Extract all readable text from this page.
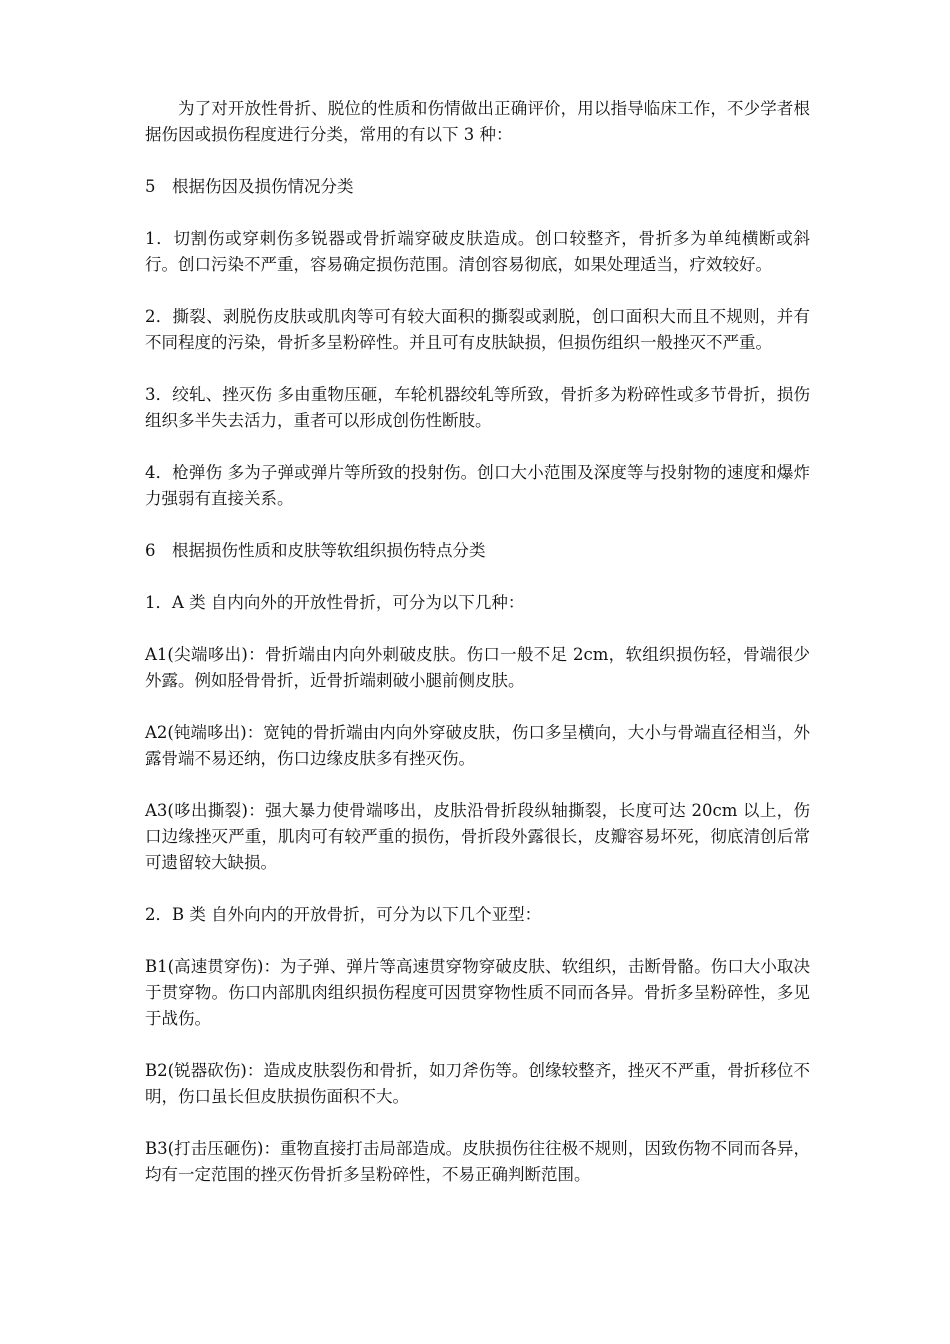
为了对开放性骨折、脱位的性质和伤情做出正确评价，用以指导临床工作，不少学者根据伤因或损伤程度进行分类，常用的有以下 3 种：

5　根据伤因及损伤情况分类

1．切割伤或穿刺伤多锐器或骨折端穿破皮肤造成。创口较整齐，骨折多为单纯横断或斜行。创口污染不严重，容易确定损伤范围。清创容易彻底，如果处理适当，疗效较好。

2．撕裂、剥脱伤皮肤或肌肉等可有较大面积的撕裂或剥脱，创口面积大而且不规则，并有不同程度的污染，骨折多呈粉碎性。并且可有皮肤缺损，但损伤组织一般挫灭不严重。

3．绞轧、挫灭伤 多由重物压砸，车轮机器绞轧等所致，骨折多为粉碎性或多节骨折，损伤组织多半失去活力，重者可以形成创伤性断肢。

4．枪弹伤 多为子弹或弹片等所致的投射伤。创口大小范围及深度等与投射物的速度和爆炸力强弱有直接关系。

6　根据损伤性质和皮肤等软组织损伤特点分类

1．A 类 自内向外的开放性骨折，可分为以下几种：

A1(尖端哆出)：骨折端由内向外刺破皮肤。伤口一般不足 2cm，软组织损伤轻，骨端很少外露。例如胫骨骨折，近骨折端刺破小腿前侧皮肤。

A2(钝端哆出)：宽钝的骨折端由内向外穿破皮肤，伤口多呈横向，大小与骨端直径相当，外露骨端不易还纳，伤口边缘皮肤多有挫灭伤。

A3(哆出撕裂)：强大暴力使骨端哆出，皮肤沿骨折段纵轴撕裂，长度可达 20cm 以上，伤口边缘挫灭严重，肌肉可有较严重的损伤，骨折段外露很长，皮瓣容易坏死，彻底清创后常可遗留较大缺损。

2．B 类 自外向内的开放骨折，可分为以下几个亚型：

B1(高速贯穿伤)：为子弹、弹片等高速贯穿物穿破皮肤、软组织，击断骨骼。伤口大小取决于贯穿物。伤口内部肌肉组织损伤程度可因贯穿物性质不同而各异。骨折多呈粉碎性，多见于战伤。

B2(锐器砍伤)：造成皮肤裂伤和骨折，如刀斧伤等。创缘较整齐，挫灭不严重，骨折移位不明，伤口虽长但皮肤损伤面积不大。

B3(打击压砸伤)：重物直接打击局部造成。皮肤损伤往往极不规则，因致伤物不同而各异，均有一定范围的挫灭伤骨折多呈粉碎性，不易正确判断范围。
